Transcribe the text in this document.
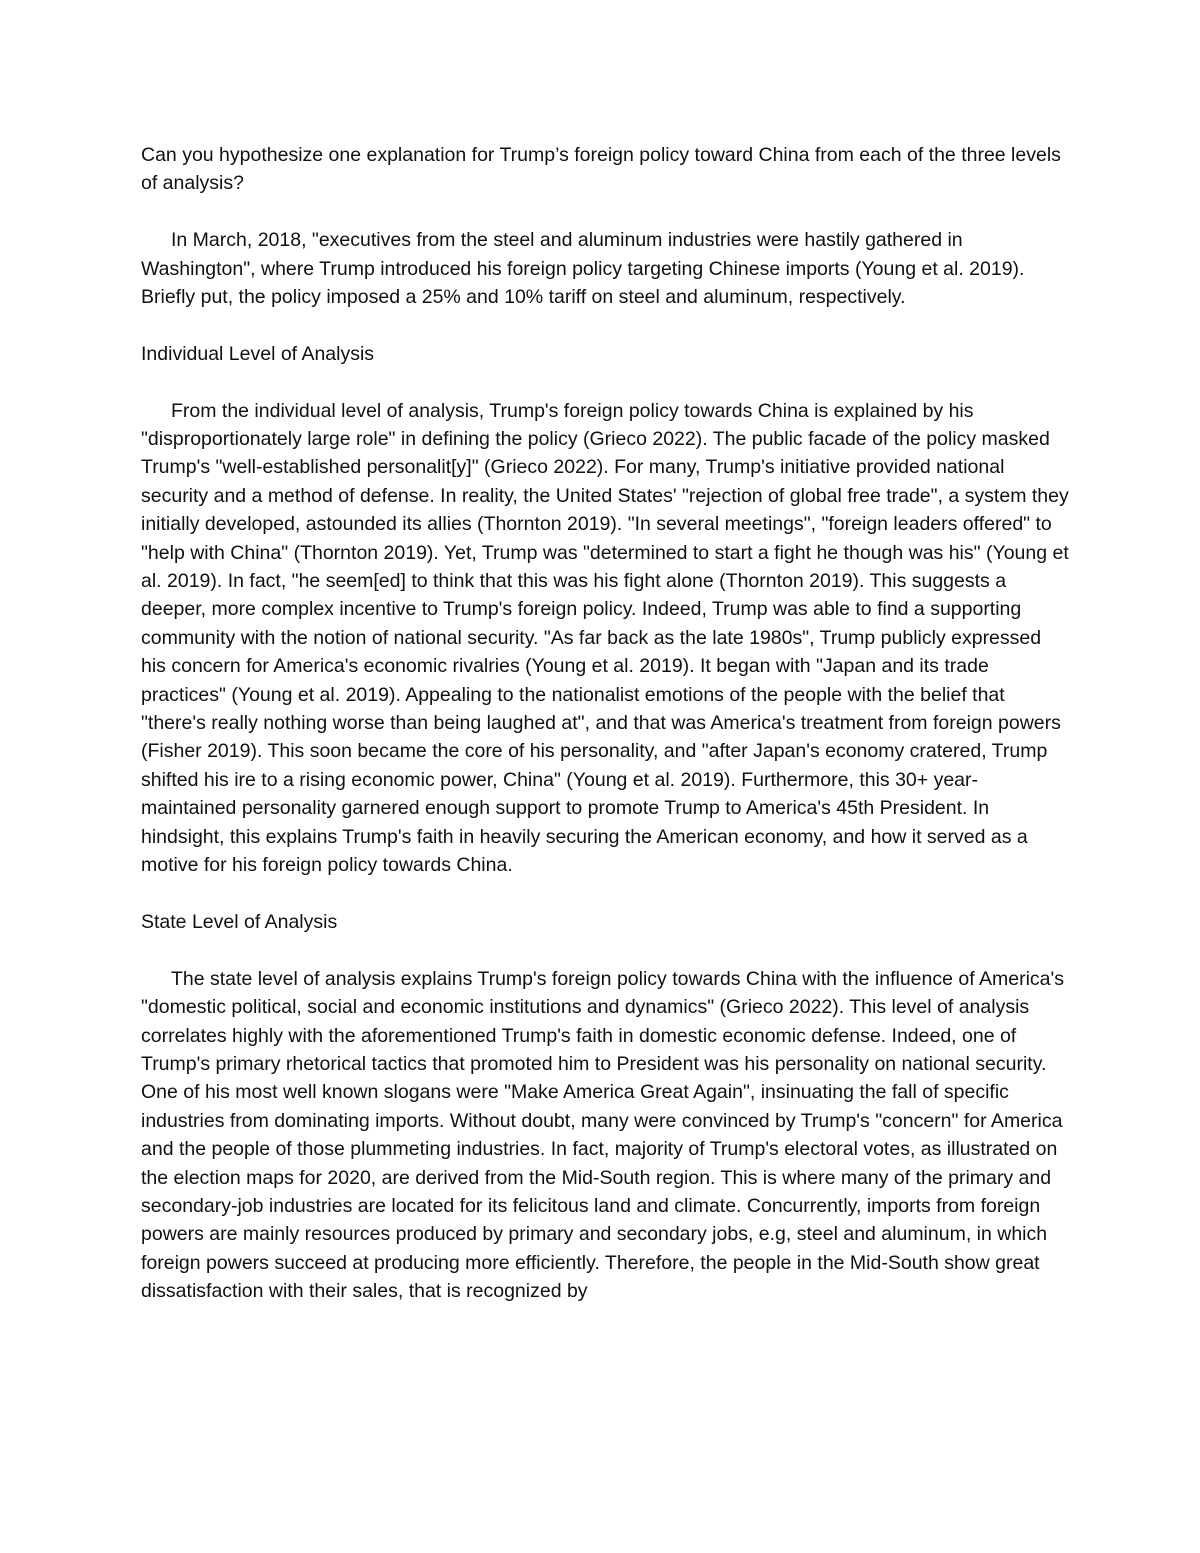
Can you hypothesize one explanation for Trump’s foreign policy toward China from each of the three levels of analysis?

In March, 2018, "executives from the steel and aluminum industries were hastily gathered in Washington", where Trump introduced his foreign policy targeting Chinese imports (Young et al. 2019). Briefly put, the policy imposed a 25% and 10% tariff on steel and aluminum, respectively.

Individual Level of Analysis

From the individual level of analysis, Trump's foreign policy towards China is explained by his "disproportionately large role" in defining the policy (Grieco 2022). The public facade of the policy masked Trump's "well-established personalit[y]" (Grieco 2022). For many, Trump's initiative provided national security and a method of defense. In reality, the United States' "rejection of global free trade", a system they initially developed, astounded its allies (Thornton 2019). "In several meetings", "foreign leaders offered" to "help with China" (Thornton 2019). Yet, Trump was "determined to start a fight he though was his" (Young et al. 2019). In fact, "he seem[ed] to think that this was his fight alone (Thornton 2019). This suggests a deeper, more complex incentive to Trump's foreign policy. Indeed, Trump was able to find a supporting community with the notion of national security. "As far back as the late 1980s", Trump publicly expressed his concern for America's economic rivalries (Young et al. 2019). It began with "Japan and its trade practices" (Young et al. 2019). Appealing to the nationalist emotions of the people with the belief that "there's really nothing worse than being laughed at", and that was America's treatment from foreign powers (Fisher 2019). This soon became the core of his personality, and "after Japan's economy cratered, Trump shifted his ire to a rising economic power, China" (Young et al. 2019). Furthermore, this 30+ year-maintained personality garnered enough support to promote Trump to America's 45th President. In hindsight, this explains Trump's faith in heavily securing the American economy, and how it served as a motive for his foreign policy towards China.

State Level of Analysis

The state level of analysis explains Trump's foreign policy towards China with the influence of America's "domestic political, social and economic institutions and dynamics" (Grieco 2022). This level of analysis correlates highly with the aforementioned Trump's faith in domestic economic defense. Indeed, one of Trump's primary rhetorical tactics that promoted him to President was his personality on national security. One of his most well known slogans were "Make America Great Again", insinuating the fall of specific industries from dominating imports. Without doubt, many were convinced by Trump's "concern" for America and the people of those plummeting industries. In fact, majority of Trump's electoral votes, as illustrated on the election maps for 2020, are derived from the Mid-South region. This is where many of the primary and secondary-job industries are located for its felicitous land and climate. Concurrently, imports from foreign powers are mainly resources produced by primary and secondary jobs, e.g, steel and aluminum, in which foreign powers succeed at producing more efficiently. Therefore, the people in the Mid-South show great dissatisfaction with their sales, that is recognized by
